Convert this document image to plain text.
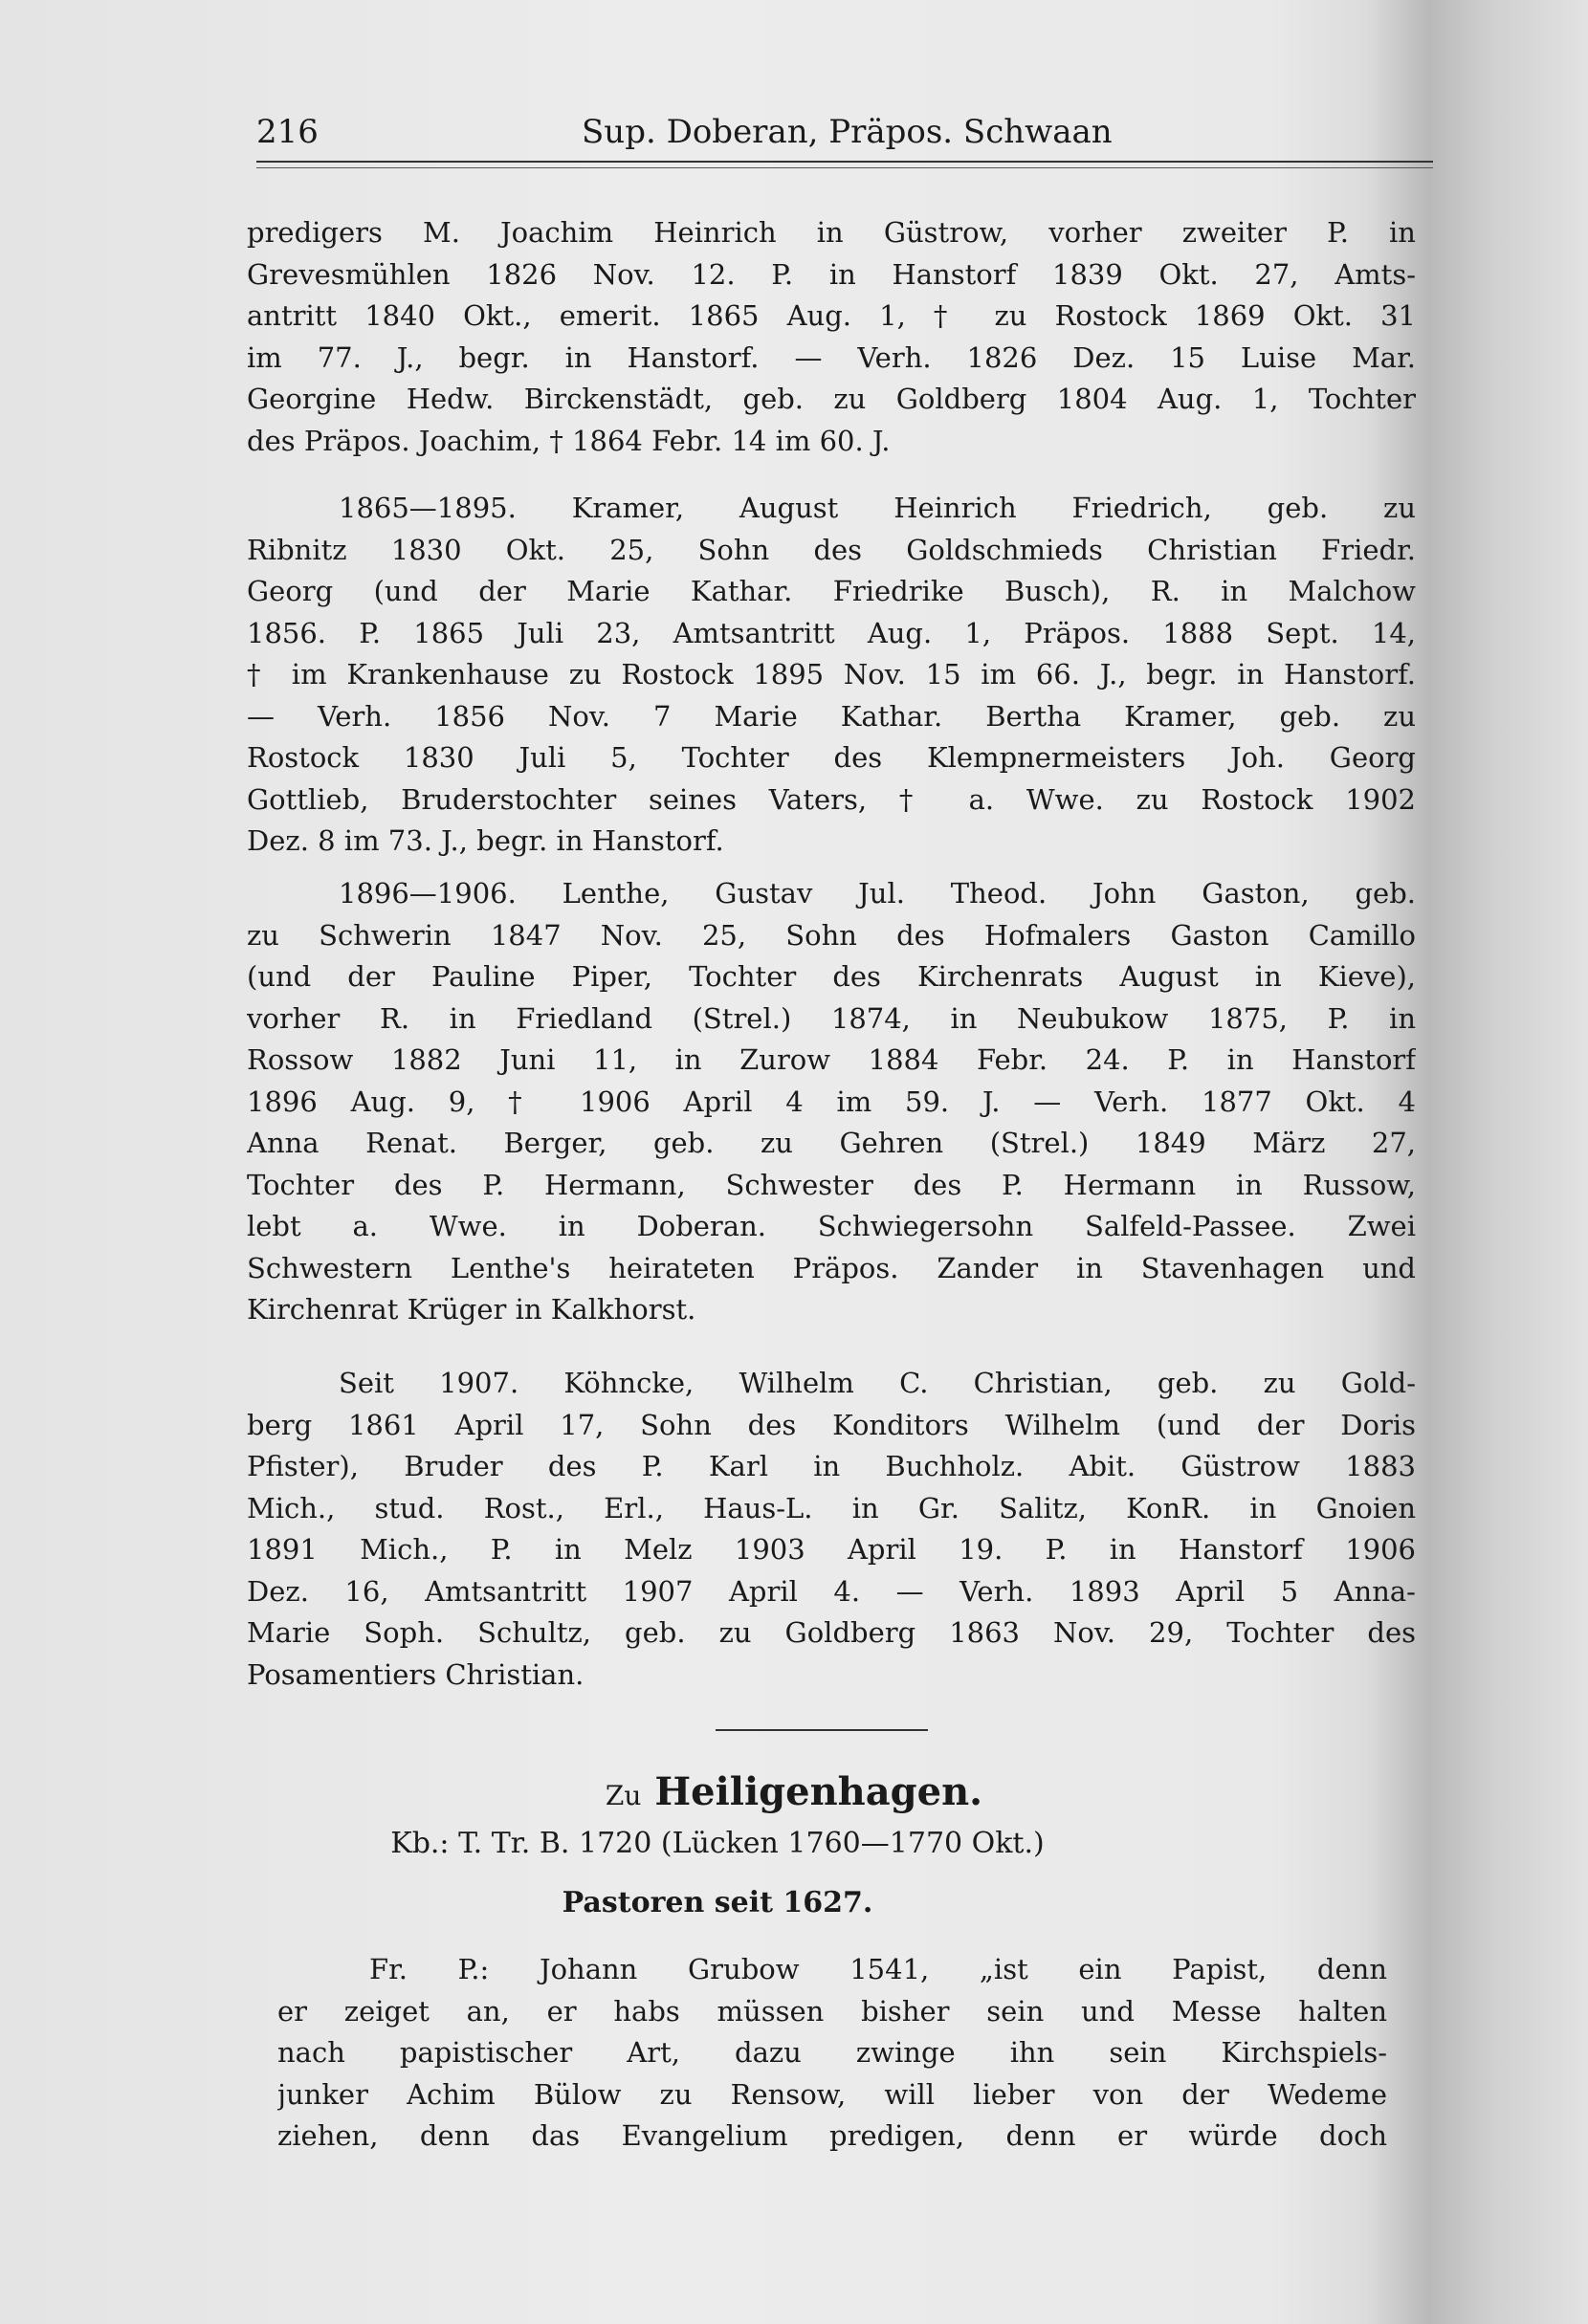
216	Sup. Doberan, Präpos. Schwaan
predigers M. Joachim Heinrich in Güstrow, vorher zweiter P. in
Grevesmühlen 1826 Nov. 12. P. in Hanstorf 1839 Okt. 27, Amts-
antritt 1840 Okt., emerit. 1865 Aug. 1, † zu Rostock 1869 Okt. 31
im 77. J., begr. in Hanstorf. — Verh. 1826 Dez. 15 Luise Mar.
Georgine Hedw. Birckenstädt, geb. zu Goldberg 1804 Aug. 1, Tochter
des Präpos. Joachim, † 1864 Febr. 14 im 60. J.
1865—1895. Kramer, August Heinrich Friedrich, geb. zu
Ribnitz 1830 Okt. 25, Sohn des Goldschmieds Christian Friedr.
Georg (und der Marie Kathar. Friedrike Busch), R. in Malchow
1856. P. 1865 Juli 23, Amtsantritt Aug. 1, Präpos. 1888 Sept. 14,
† im Krankenhause zu Rostock 1895 Nov. 15 im 66. J., begr. in Hanstorf.
— Verh. 1856 Nov. 7 Marie Kathar. Bertha Kramer, geb. zu
Rostock 1830 Juli 5, Tochter des Klempnermeisters Joh. Georg
Gottlieb, Bruderstochter seines Vaters, † a. Wwe. zu Rostock 1902
Dez. 8 im 73. J., begr. in Hanstorf.
1896—1906. Lenthe, Gustav Jul. Theod. John Gaston, geb.
zu Schwerin 1847 Nov. 25, Sohn des Hofmalers Gaston Camillo
(und der Pauline Piper, Tochter des Kirchenrats August in Kieve),
vorher R. in Friedland (Strel.) 1874, in Neubukow 1875, P. in
Rossow 1882 Juni 11, in Zurow 1884 Febr. 24. P. in Hanstorf
1896 Aug. 9, † 1906 April 4 im 59. J. — Verh. 1877 Okt. 4
Anna Renat. Berger, geb. zu Gehren (Strel.) 1849 März 27,
Tochter des P. Hermann, Schwester des P. Hermann in Russow,
lebt a. Wwe. in Doberan. Schwiegersohn Salfeld-Passee. Zwei
Schwestern Lenthe's heirateten Präpos. Zander in Stavenhagen und
Kirchenrat Krüger in Kalkhorst.
Seit 1907. Köhncke, Wilhelm C. Christian, geb. zu Gold-
berg 1861 April 17, Sohn des Konditors Wilhelm (und der Doris
Pfister), Bruder des P. Karl in Buchholz. Abit. Güstrow 1883
Mich., stud. Rost., Erl., Haus-L. in Gr. Salitz, KonR. in Gnoien
1891 Mich., P. in Melz 1903 April 19. P. in Hanstorf 1906
Dez. 16, Amtsantritt 1907 April 4. — Verh. 1893 April 5 Anna-
Marie Soph. Schultz, geb. zu Goldberg 1863 Nov. 29, Tochter des
Posamentiers Christian.
Zu Heiligenhagen.
Kb.: T. Tr. B. 1720 (Lücken 1760—1770 Okt.)
Pastoren seit 1627.
Fr. P.: Johann Grubow 1541, „ist ein Papist, denn
er zeiget an, er habs müssen bisher sein und Messe halten
nach papistischer Art, dazu zwinge ihn sein Kirchspiels-
junker Achim Bülow zu Rensow, will lieber von der Wedeme
ziehen, denn das Evangelium predigen, denn er würde doch
